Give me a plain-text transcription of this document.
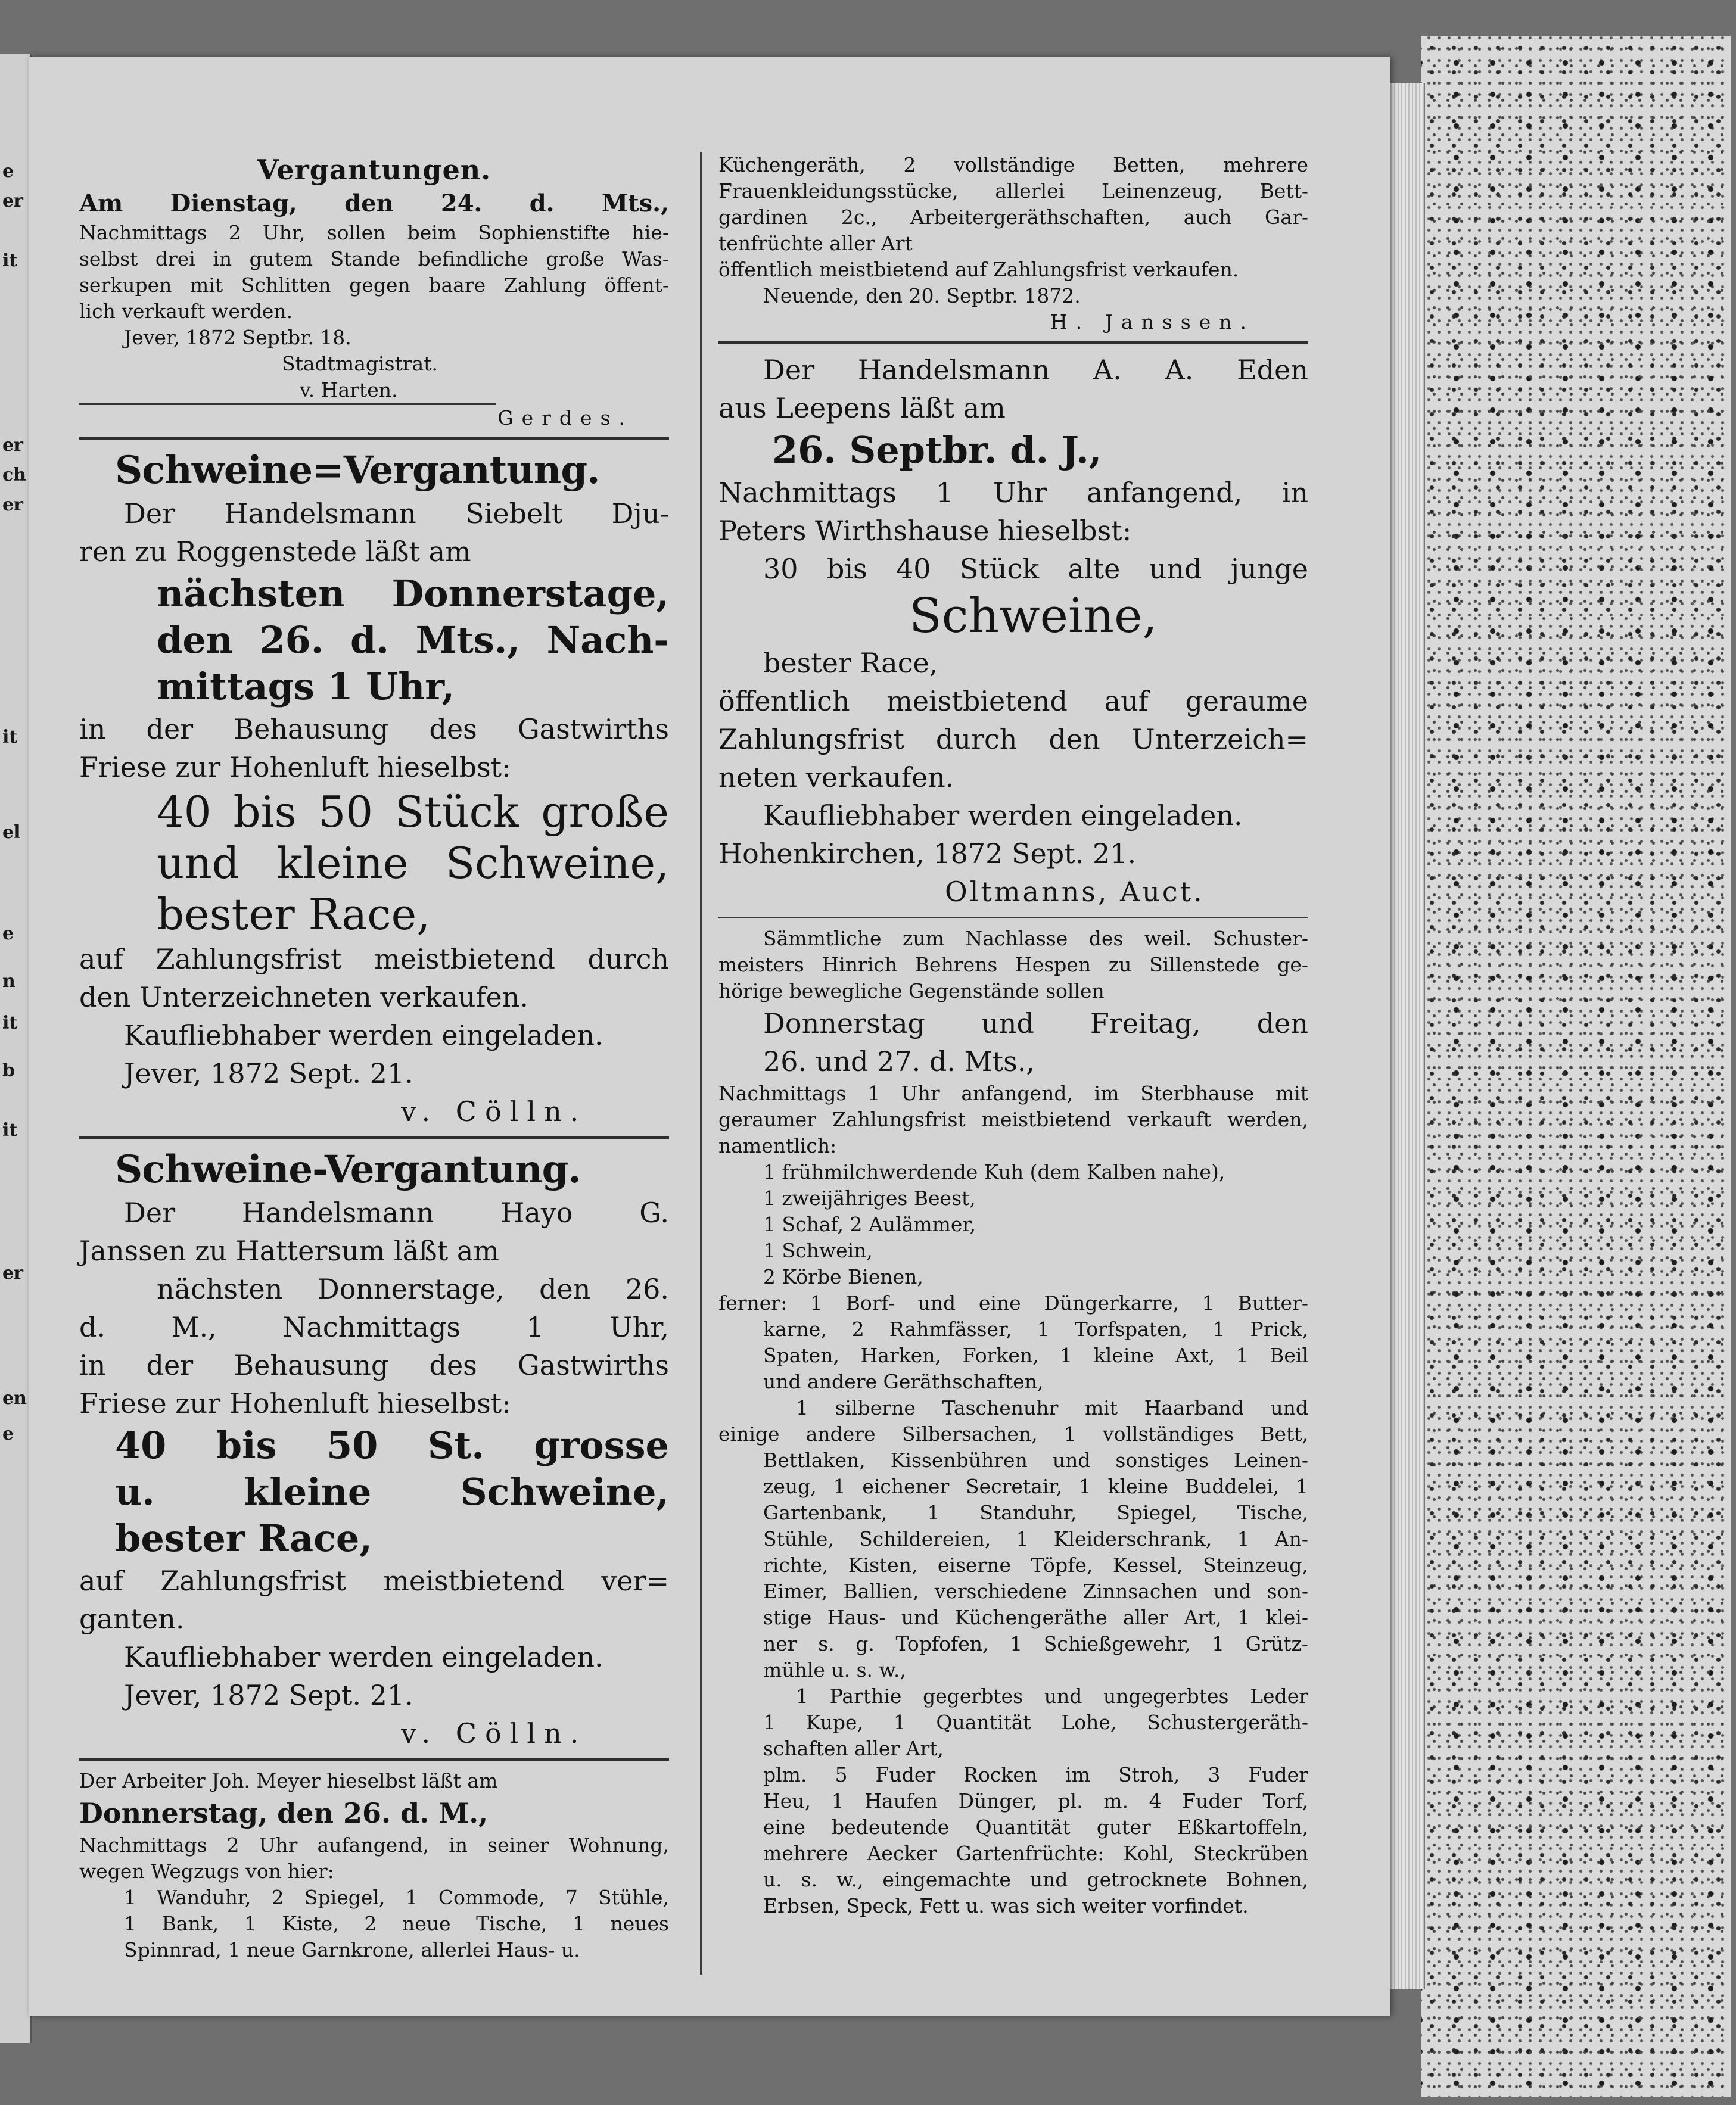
e
er
it
er
ch
er
it
el
e
n
it
b
it
er
en
e

Vergantungen.

Am Dienstag, den 24. d. Mts.,

Nachmittags 2 Uhr, sollen beim Sophienstifte hie-

selbst drei in gutem Stande befindliche große Was-

serkupen mit Schlitten gegen baare Zahlung öffent-

lich verkauft werden.

Jever, 1872 Septbr. 18.

Stadtmagistrat.

v. Harten.

Gerdes.

Schweine=Vergantung.

Der Handelsmann Siebelt Dju-

ren zu Roggenstede läßt am

nächsten Donnerstage,

den 26. d. Mts., Nach-

mittags 1 Uhr,

in der Behausung des Gastwirths

Friese zur Hohenluft hieselbst:

40 bis 50 Stück große

und kleine Schweine,

bester Race,

auf Zahlungsfrist meistbietend durch

den Unterzeichneten verkaufen.

Kaufliebhaber werden eingeladen.

Jever, 1872 Sept. 21.

v. Cölln.

Schweine-Vergantung.

Der Handelsmann Hayo G.

Janssen zu Hattersum läßt am

nächsten Donnerstage, den 26.

d. M., Nachmittags 1 Uhr,

in der Behausung des Gastwirths

Friese zur Hohenluft hieselbst:

40 bis 50 St. grosse

u. kleine Schweine,

bester Race,

auf Zahlungsfrist meistbietend ver=

ganten.

Kaufliebhaber werden eingeladen.

Jever, 1872 Sept. 21.

v. Cölln.

Der Arbeiter Joh. Meyer hieselbst läßt am

Donnerstag, den 26. d. M.,

Nachmittags 2 Uhr aufangend, in seiner Wohnung,

wegen Wegzugs von hier:

1 Wanduhr, 2 Spiegel, 1 Commode, 7 Stühle,

1 Bank, 1 Kiste, 2 neue Tische, 1 neues

Spinnrad, 1 neue Garnkrone, allerlei Haus- u.

Küchengeräth, 2 vollständige Betten, mehrere

Frauenkleidungsstücke, allerlei Leinenzeug, Bett-

gardinen 2c., Arbeitergeräthschaften, auch Gar-

tenfrüchte aller Art

öffentlich meistbietend auf Zahlungsfrist verkaufen.

Neuende, den 20. Septbr. 1872.

H. Janssen.

Der Handelsmann A. A. Eden

aus Leepens läßt am

26. Septbr. d. J.,

Nachmittags 1 Uhr anfangend, in

Peters Wirthshause hieselbst:

30 bis 40 Stück alte und junge

Schweine,

bester Race,

öffentlich meistbietend auf geraume

Zahlungsfrist durch den Unterzeich=

neten verkaufen.

Kaufliebhaber werden eingeladen.

Hohenkirchen, 1872 Sept. 21.

Oltmanns, Auct.

Sämmtliche zum Nachlasse des weil. Schuster-

meisters Hinrich Behrens Hespen zu Sillenstede ge-

hörige bewegliche Gegenstände sollen

Donnerstag und Freitag, den

26. und 27. d. Mts.,

Nachmittags 1 Uhr anfangend, im Sterbhause mit

geraumer Zahlungsfrist meistbietend verkauft werden,

namentlich:

1 frühmilchwerdende Kuh (dem Kalben nahe),

1 zweijähriges Beest,

1 Schaf, 2 Aulämmer,

1 Schwein,

2 Körbe Bienen,

ferner: 1 Borf- und eine Düngerkarre, 1 Butter-

karne, 2 Rahmfässer, 1 Torfspaten, 1 Prick,

Spaten, Harken, Forken, 1 kleine Axt, 1 Beil

und andere Geräthschaften,

1 silberne Taschenuhr mit Haarband und

einige andere Silbersachen, 1 vollständiges Bett,

Bettlaken, Kissenbühren und sonstiges Leinen-

zeug, 1 eichener Secretair, 1 kleine Buddelei, 1

Gartenbank, 1 Standuhr, Spiegel, Tische,

Stühle, Schildereien, 1 Kleiderschrank, 1 An-

richte, Kisten, eiserne Töpfe, Kessel, Steinzeug,

Eimer, Ballien, verschiedene Zinnsachen und son-

stige Haus- und Küchengeräthe aller Art, 1 klei-

ner s. g. Topfofen, 1 Schießgewehr, 1 Grütz-

mühle u. s. w.,

1 Parthie gegerbtes und ungegerbtes Leder

1 Kupe, 1 Quantität Lohe, Schustergeräth-

schaften aller Art,

plm. 5 Fuder Rocken im Stroh, 3 Fuder

Heu, 1 Haufen Dünger, pl. m. 4 Fuder Torf,

eine bedeutende Quantität guter Eßkartoffeln,

mehrere Aecker Gartenfrüchte: Kohl, Steckrüben

u. s. w., eingemachte und getrocknete Bohnen,

Erbsen, Speck, Fett u. was sich weiter vorfindet.
